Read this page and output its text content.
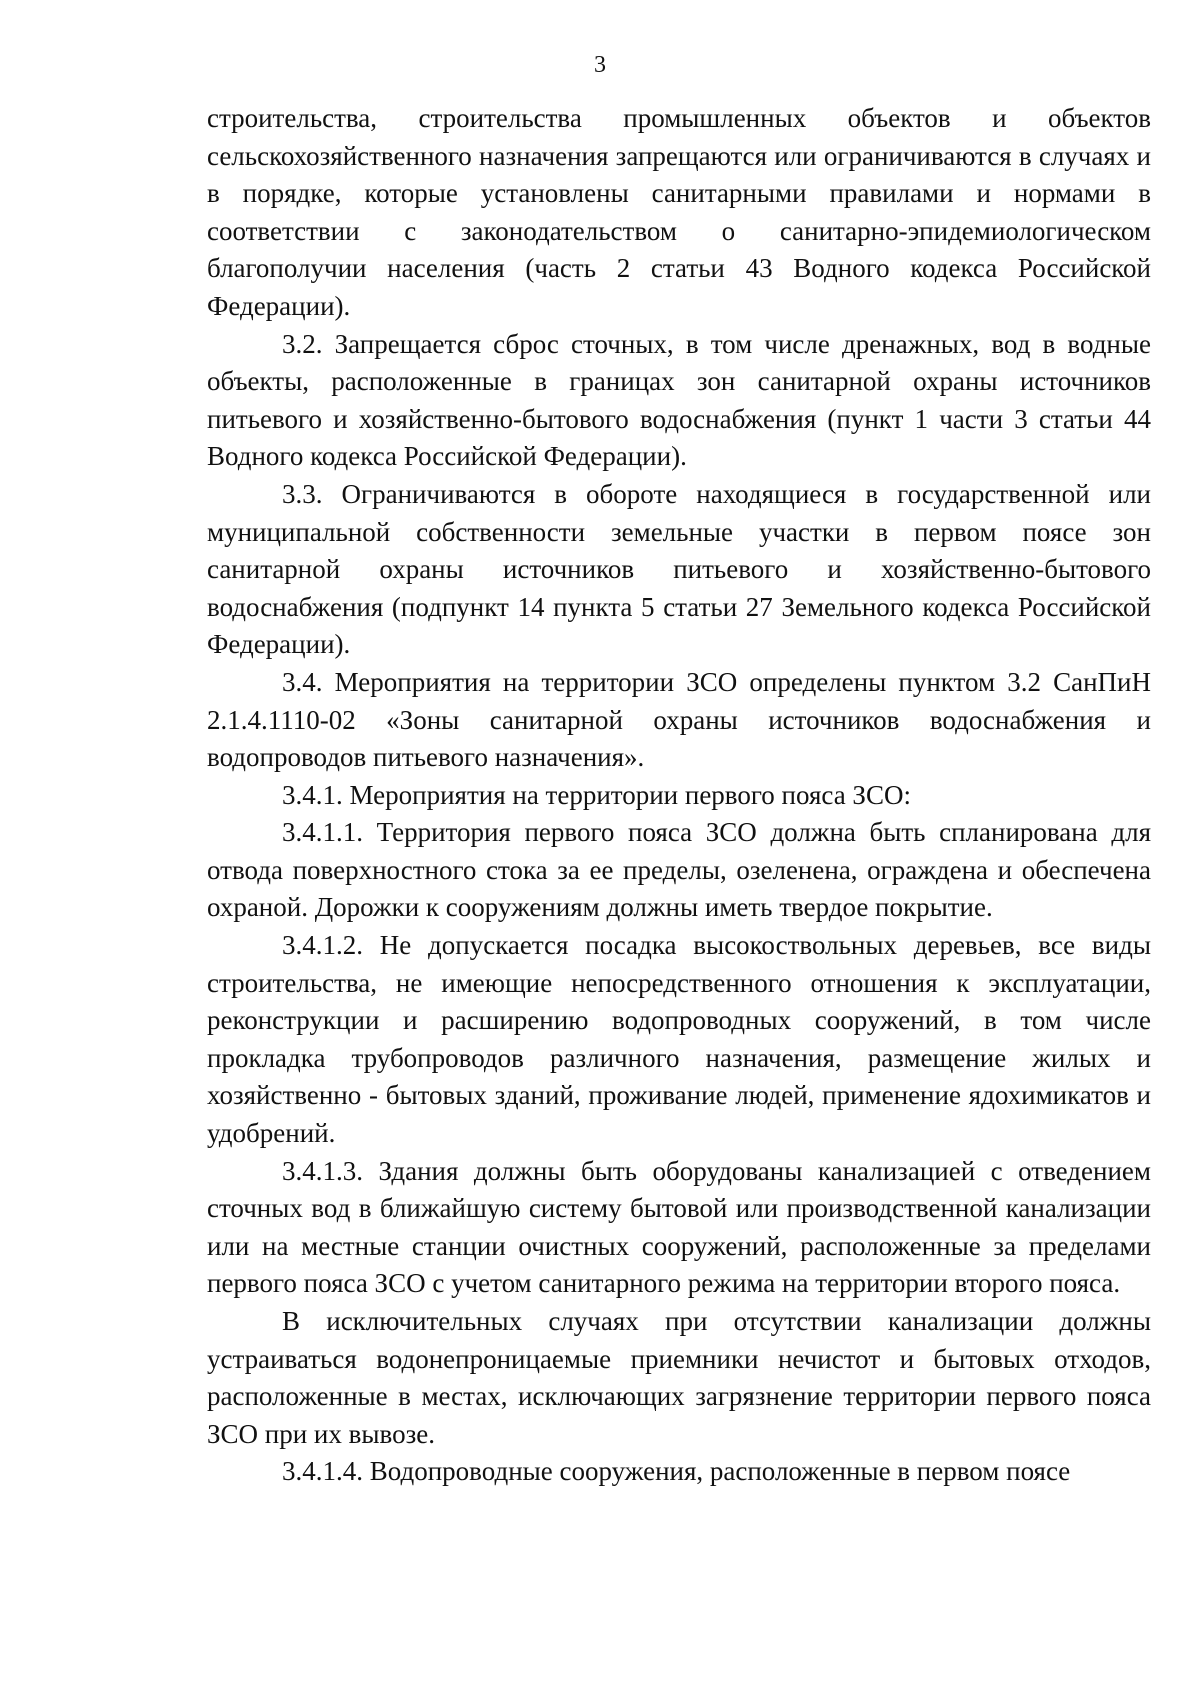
3

строительства, строительства промышленных объектов и объектов сельскохозяйственного назначения запрещаются или ограничиваются в случаях и в порядке, которые установлены санитарными правилами и нормами в соответствии с законодательством о санитарно-эпидемиологическом благополучии населения (часть 2 статьи 43 Водного кодекса Российской Федерации).

3.2. Запрещается сброс сточных, в том числе дренажных, вод в водные объекты, расположенные в границах зон санитарной охраны источников питьевого и хозяйственно-бытового водоснабжения (пункт 1 части 3 статьи 44 Водного кодекса Российской Федерации).

3.3. Ограничиваются в обороте находящиеся в государственной или муниципальной собственности земельные участки в первом поясе зон санитарной охраны источников питьевого и хозяйственно-бытового водоснабжения (подпункт 14 пункта 5 статьи 27 Земельного кодекса Российской Федерации).

3.4. Мероприятия на территории ЗСО определены пунктом 3.2 СанПиН 2.1.4.1110-02 «Зоны санитарной охраны источников водоснабжения и водопроводов питьевого назначения».

3.4.1. Мероприятия на территории первого пояса ЗСО:

3.4.1.1. Территория первого пояса ЗСО должна быть спланирована для отвода поверхностного стока за ее пределы, озеленена, ограждена и обеспечена охраной. Дорожки к сооружениям должны иметь твердое покрытие.

3.4.1.2. Не допускается посадка высокоствольных деревьев, все виды строительства, не имеющие непосредственного отношения к эксплуатации, реконструкции и расширению водопроводных сооружений, в том числе прокладка трубопроводов различного назначения, размещение жилых и хозяйственно - бытовых зданий, проживание людей, применение ядохимикатов и удобрений.

3.4.1.3. Здания должны быть оборудованы канализацией с отведением сточных вод в ближайшую систему бытовой или производственной канализации или на местные станции очистных сооружений, расположенные за пределами первого пояса ЗСО с учетом санитарного режима на территории второго пояса.

В исключительных случаях при отсутствии канализации должны устраиваться водонепроницаемые приемники нечистот и бытовых отходов, расположенные в местах, исключающих загрязнение территории первого пояса ЗСО при их вывозе.

3.4.1.4. Водопроводные сооружения, расположенные в первом поясе
